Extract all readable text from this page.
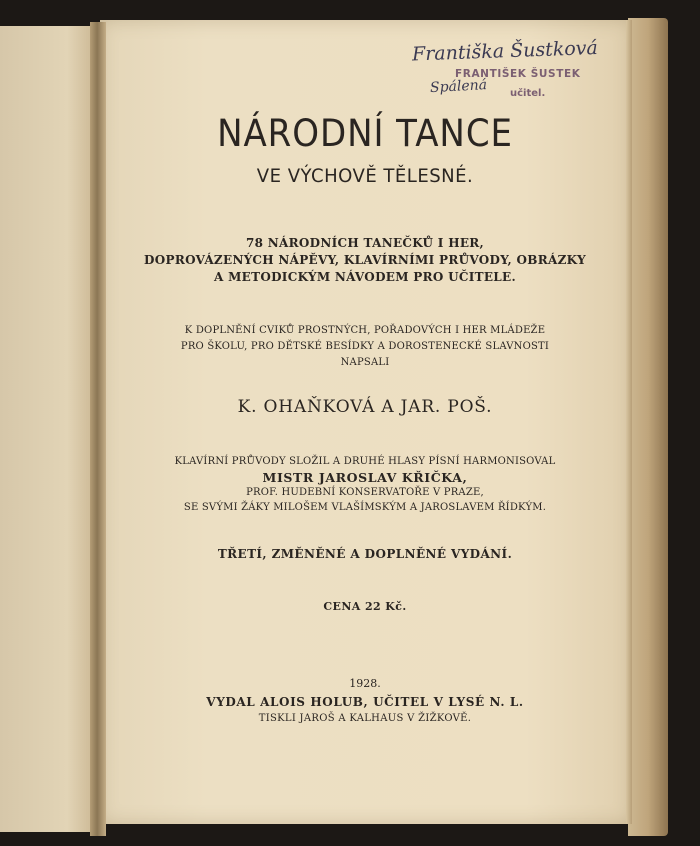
Františka Šustková
FRANTIŠEK ŠUSTEK
Spálená	učitel.
NÁRODNÍ TANCE
VE VÝCHOVĚ TĚLESNÉ.
78 NÁRODNÍCH TANEČKŮ I HER,
DOPROVÁZENÝCH NÁPĚVY, KLAVÍRNÍMI PRŮVODY, OBRÁZKY
A METODICKÝM NÁVODEM PRO UČITELE.
K DOPLNĚNÍ CVIKŮ PROSTNÝCH, POŘADOVÝCH I HER MLÁDEŽE
PRO ŠKOLU, PRO DĚTSKÉ BESÍDKY A DOROSTENECKÉ SLAVNOSTI
NAPSALI
K. OHAŇKOVÁ A JAR. POŠ.
KLAVÍRNÍ PRŮVODY SLOŽIL A DRUHÉ HLASY PÍSNÍ HARMONISOVAL
MISTR JAROSLAV KŘIČKA,
PROF. HUDEBNÍ KONSERVATOŘE V PRAZE,
SE SVÝMI ŽÁKY MILOŠEM VLAŠÍMSKÝM A JAROSLAVEM ŘÍDKÝM.
TŘETÍ, ZMĚNĚNÉ A DOPLNĚNÉ VYDÁNÍ.
CENA 22 Kč.
1928.
VYDAL ALOIS HOLUB, UČITEL V LYSÉ N. L.
TISKLI JAROŠ A KALHAUS V ŽIŽKOVĚ.
